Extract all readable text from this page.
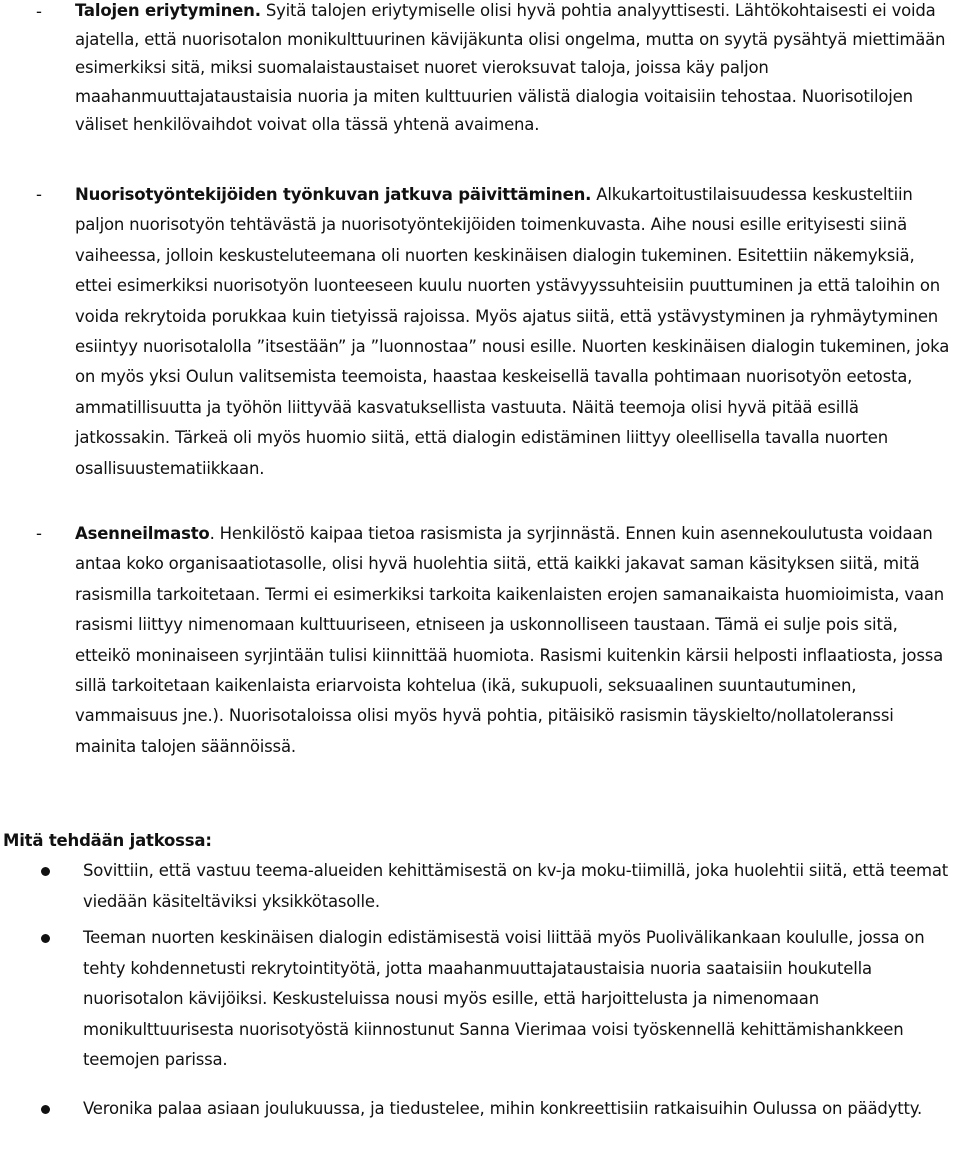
- Talojen eriytyminen. Syitä talojen eriytymiselle olisi hyvä pohtia analyyttisesti. Lähtökohtaisesti ei voida ajatella, että nuorisotalon monikulttuurinen kävijäkunta olisi ongelma, mutta on syytä pysähtyä miettimään esimerkiksi sitä, miksi suomalaistaustaiset nuoret vieroksuvat taloja, joissa käy paljon maahanmuuttajataustaisia nuoria ja miten kulttuurien välistä dialogia voitaisiin tehostaa. Nuorisotilojen väliset henkilövaihdot voivat olla tässä yhtenä avaimena.
- Nuorisotyöntekijöiden työnkuvan jatkuva päivittäminen. Alkukartoitustilaisuudessa keskusteltiin paljon nuorisotyön tehtävästä ja nuorisotyöntekijöiden toimenkuvasta. Aihe nousi esille erityisesti siinä vaiheessa, jolloin keskusteluteemana oli nuorten keskinäisen dialogin tukeminen. Esitettiin näkemyksiä, ettei esimerkiksi nuorisotyön luonteeseen kuulu nuorten ystävyyssuhteisiin puuttuminen ja että taloihin on voida rekrytoida porukkaa kuin tietyissä rajoissa. Myös ajatus siitä, että ystävystyminen ja ryhmäytyminen esiintyy nuorisotalolla ”itsestään” ja ”luonnostaa” nousi esille. Nuorten keskinäisen dialogin tukeminen, joka on myös yksi Oulun valitsemista teemoista, haastaa keskeisellä tavalla pohtimaan nuorisotyön eetosta, ammatillisuutta ja työhön liittyvää kasvatuksellista vastuuta. Näitä teemoja olisi hyvä pitää esillä jatkossakin. Tärkeä oli myös huomio siitä, että dialogin edistäminen liittyy oleellisella tavalla nuorten osallisuustematiikkaan.
- Asenneilmasto. Henkilöstö kaipaa tietoa rasismista ja syrjinnästä. Ennen kuin asennekoulutusta voidaan antaa koko organisaatiotasolle, olisi hyvä huolehtia siitä, että kaikki jakavat saman käsityksen siitä, mitä rasismilla tarkoitetaan. Termi ei esimerkiksi tarkoita kaikenlaisten erojen samanaikaista huomioimista, vaan rasismi liittyy nimenomaan kulttuuriseen, etniseen ja uskonnolliseen taustaan. Tämä ei sulje pois sitä, etteikö moninaiseen syrjintään tulisi kiinnittää huomiota. Rasismi kuitenkin kärsii helposti inflaatiosta, jossa sillä tarkoitetaan kaikenlaista eriarvoista kohtelua (ikä, sukupuoli, seksuaalinen suuntautuminen, vammaisuus jne.). Nuorisotaloissa olisi myös hyvä pohtia, pitäisikö rasismin täyskielto/nollatoleranssi mainita talojen säännöissä.
Mitä tehdään jatkossa:
Sovittiin, että vastuu teema-alueiden kehittämisestä on kv-ja moku-tiimillä, joka huolehtii siitä, että teemat viedään käsiteltäviksi yksikkötasolle.
Teeman nuorten keskinäisen dialogin edistämisestä voisi liittää myös Puolivälikankaan koululle, jossa on tehty kohdennetusti rekrytointityötä, jotta maahanmuuttajataustaisia nuoria saataisiin houkutella nuorisotalon kävijöiksi. Keskusteluissa nousi myös esille, että harjoittelusta ja nimenomaan monikulttuurisesta nuorisotyöstä kiinnostunut Sanna Vierimaa voisi työskennellä kehittämishankkeen teemojen parissa.
Veronika palaa asiaan joulukuussa, ja tiedustelee, mihin konkreettisiin ratkaisuihin Oulussa on päädytty.
